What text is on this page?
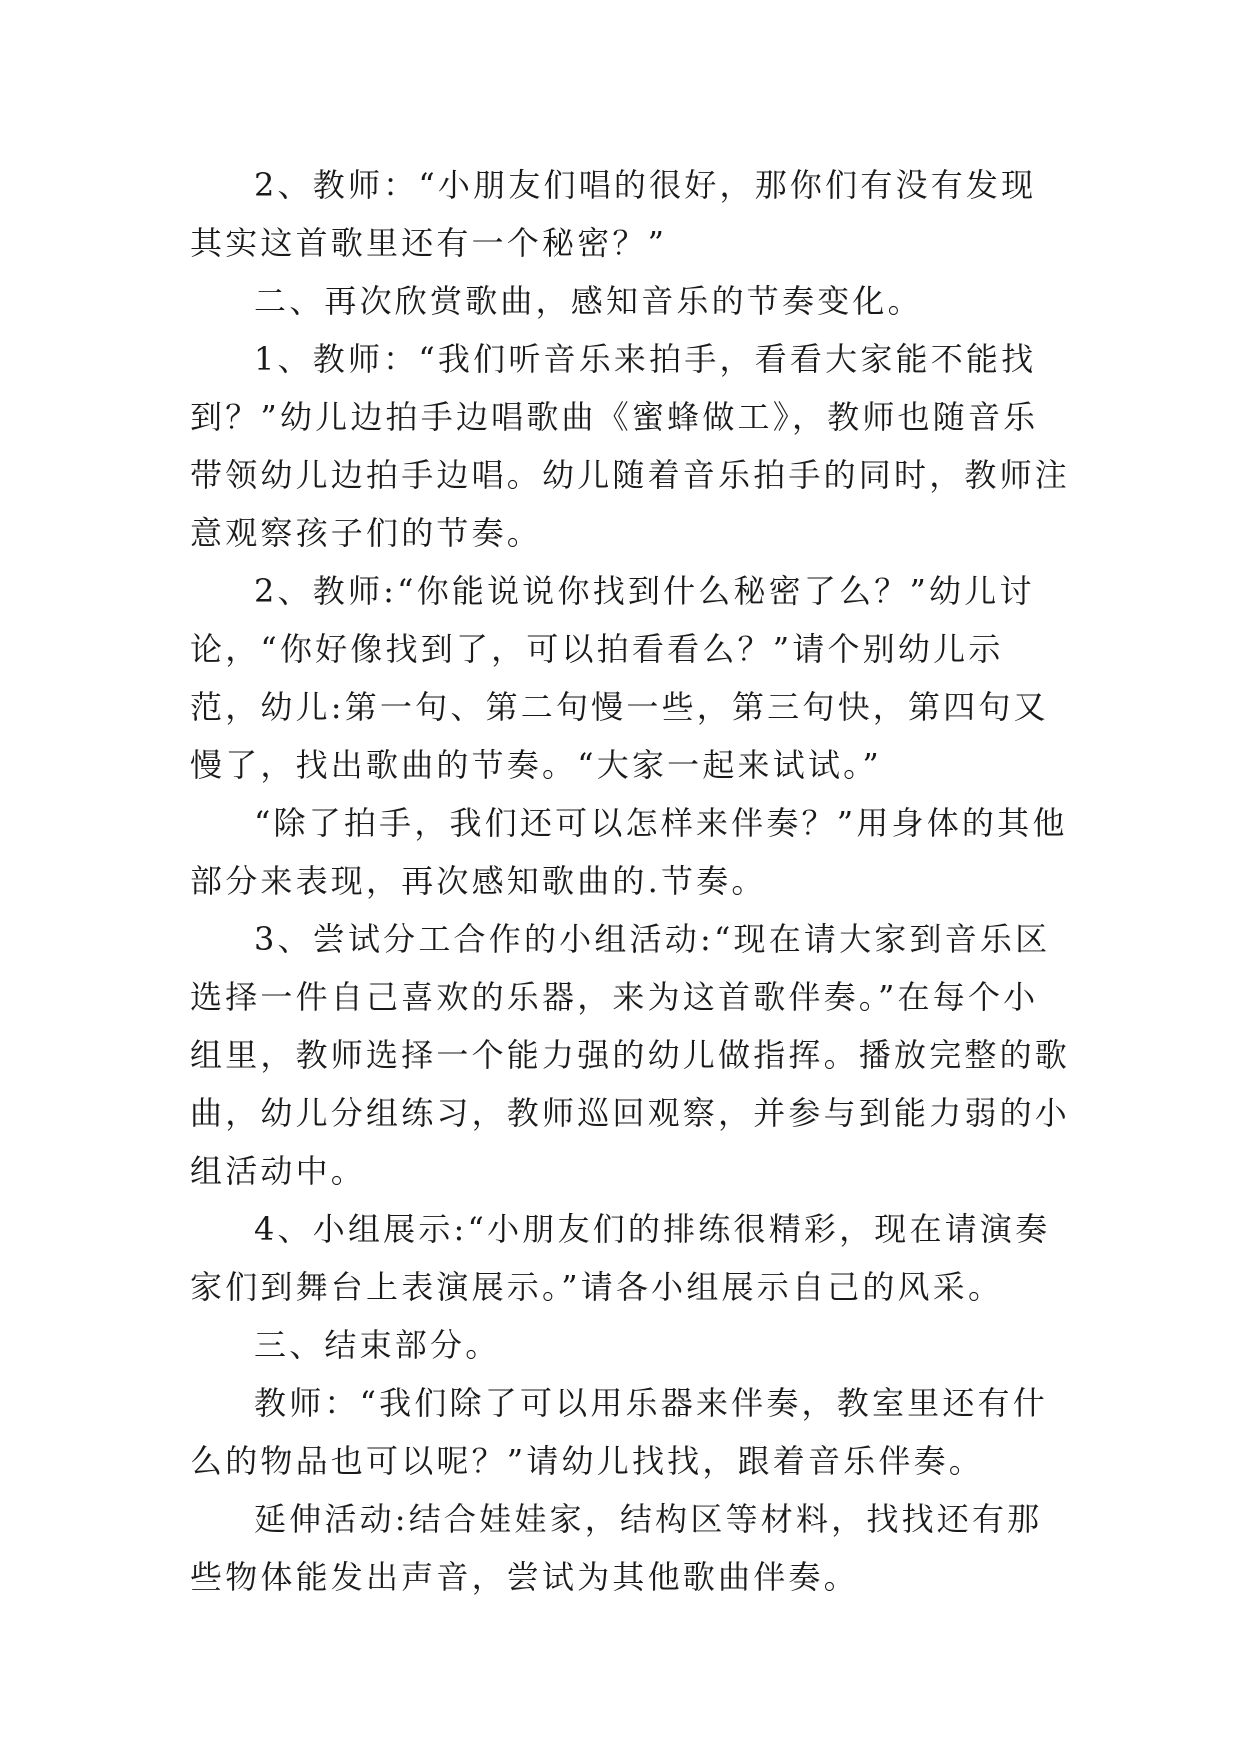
2、教师：“小朋友们唱的很好，那你们有没有发现其实这首歌里还有一个秘密？”

二、再次欣赏歌曲，感知音乐的节奏变化。

1、教师：“我们听音乐来拍手，看看大家能不能找到？”幼儿边拍手边唱歌曲《蜜蜂做工》，教师也随音乐带领幼儿边拍手边唱。幼儿随着音乐拍手的同时，教师注意观察孩子们的节奏。

2、教师:“你能说说你找到什么秘密了么？”幼儿讨论，“你好像找到了，可以拍看看么？”请个别幼儿示范，幼儿:第一句、第二句慢一些，第三句快，第四句又慢了，找出歌曲的节奏。“大家一起来试试。”

“除了拍手，我们还可以怎样来伴奏？”用身体的其他部分来表现，再次感知歌曲的.节奏。

3、尝试分工合作的小组活动:“现在请大家到音乐区选择一件自己喜欢的乐器，来为这首歌伴奏。”在每个小组里，教师选择一个能力强的幼儿做指挥。播放完整的歌曲，幼儿分组练习，教师巡回观察，并参与到能力弱的小组活动中。

4、小组展示:“小朋友们的排练很精彩，现在请演奏家们到舞台上表演展示。”请各小组展示自己的风采。

三、结束部分。

教师：“我们除了可以用乐器来伴奏，教室里还有什么的物品也可以呢？”请幼儿找找，跟着音乐伴奏。

延伸活动:结合娃娃家，结构区等材料，找找还有那些物体能发出声音，尝试为其他歌曲伴奏。
